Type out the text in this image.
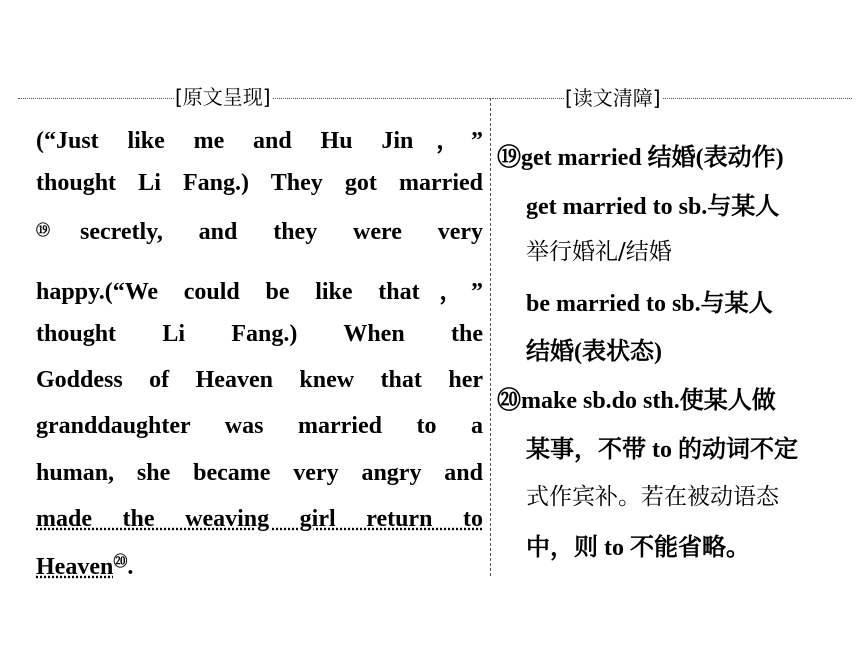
[原文呈现]	[读文清障]
(“Just like me and Hu Jin，”
thought Li Fang.) They got married
⑲ secretly, and they were very
happy.(“We could be like that，”
thought Li Fang.) When the
Goddess of Heaven knew that her
granddaughter was married to a
human, she became very angry and
made the weaving girl return to
Heaven⑳.
⑲get married 结婚(表动作)
get married to sb.与某人
举行婚礼/结婚
be married to sb.与某人
结婚(表状态)
⑳make sb.do sth.使某人做
某事，不带 to 的动词不定
式作宾补。若在被动语态
中，则 to 不能省略。
